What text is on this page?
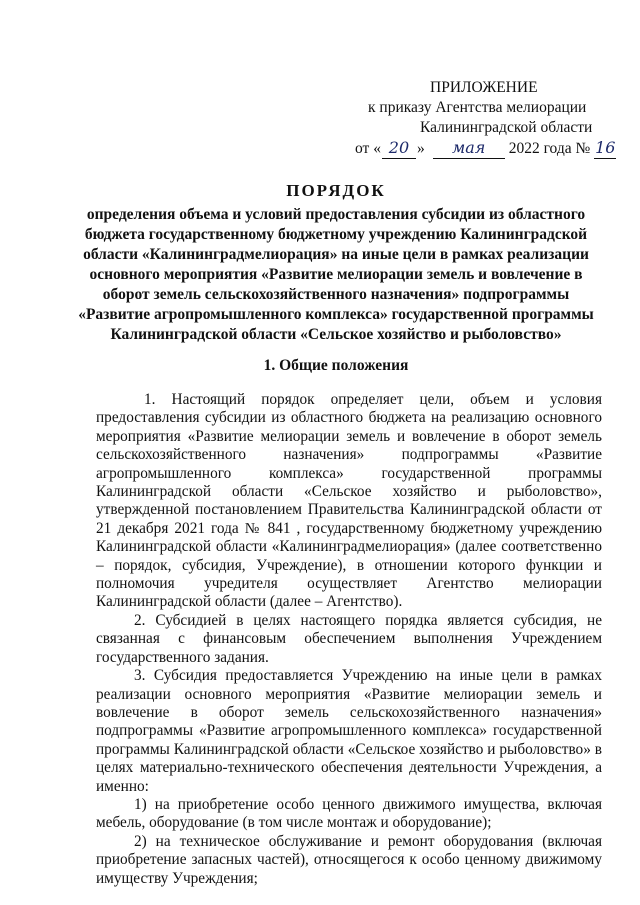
ПРИЛОЖЕНИЕ
к приказу Агентства мелиорации
Калининградской области
от « 20 »	мая	2022 года № 16
ПОРЯДОК
определения объема и условий предоставления субсидии из областного бюджета государственному бюджетному учреждению Калининградской области «Калининградмелиорация» на иные цели в рамках реализации основного мероприятия «Развитие мелиорации земель и вовлечение в оборот земель сельскохозяйственного назначения» подпрограммы «Развитие агропромышленного комплекса» государственной программы Калининградской области «Сельское хозяйство и рыболовство»
1. Общие положения

1. Настоящий порядок определяет цели, объем и условия предоставления субсидии из областного бюджета на реализацию основного мероприятия «Развитие мелиорации земель и вовлечение в оборот земель сельскохозяйственного назначения» подпрограммы «Развитие агропромышленного комплекса» государственной программы Калининградской области «Сельское хозяйство и рыболовство», утвержденной постановлением Правительства Калининградской области от 21 декабря 2021 года № 841 , государственному бюджетному учреждению Калининградской области «Калининградмелиорация» (далее соответственно – порядок, субсидия, Учреждение), в отношении которого функции и полномочия учредителя осуществляет Агентство мелиорации Калининградской области (далее – Агентство).

2. Субсидией в целях настоящего порядка является субсидия, не связанная с финансовым обеспечением выполнения Учреждением государственного задания.

3. Субсидия предоставляется Учреждению на иные цели в рамках реализации основного мероприятия «Развитие мелиорации земель и вовлечение в оборот земель сельскохозяйственного назначения» подпрограммы «Развитие агропромышленного комплекса» государственной программы Калининградской области «Сельское хозяйство и рыболовство» в целях материально-технического обеспечения деятельности Учреждения, а именно:

1) на приобретение особо ценного движимого имущества, включая мебель, оборудование (в том числе монтаж и оборудование);

2) на техническое обслуживание и ремонт оборудования (включая приобретение запасных частей), относящегося к особо ценному движимому имуществу Учреждения;
